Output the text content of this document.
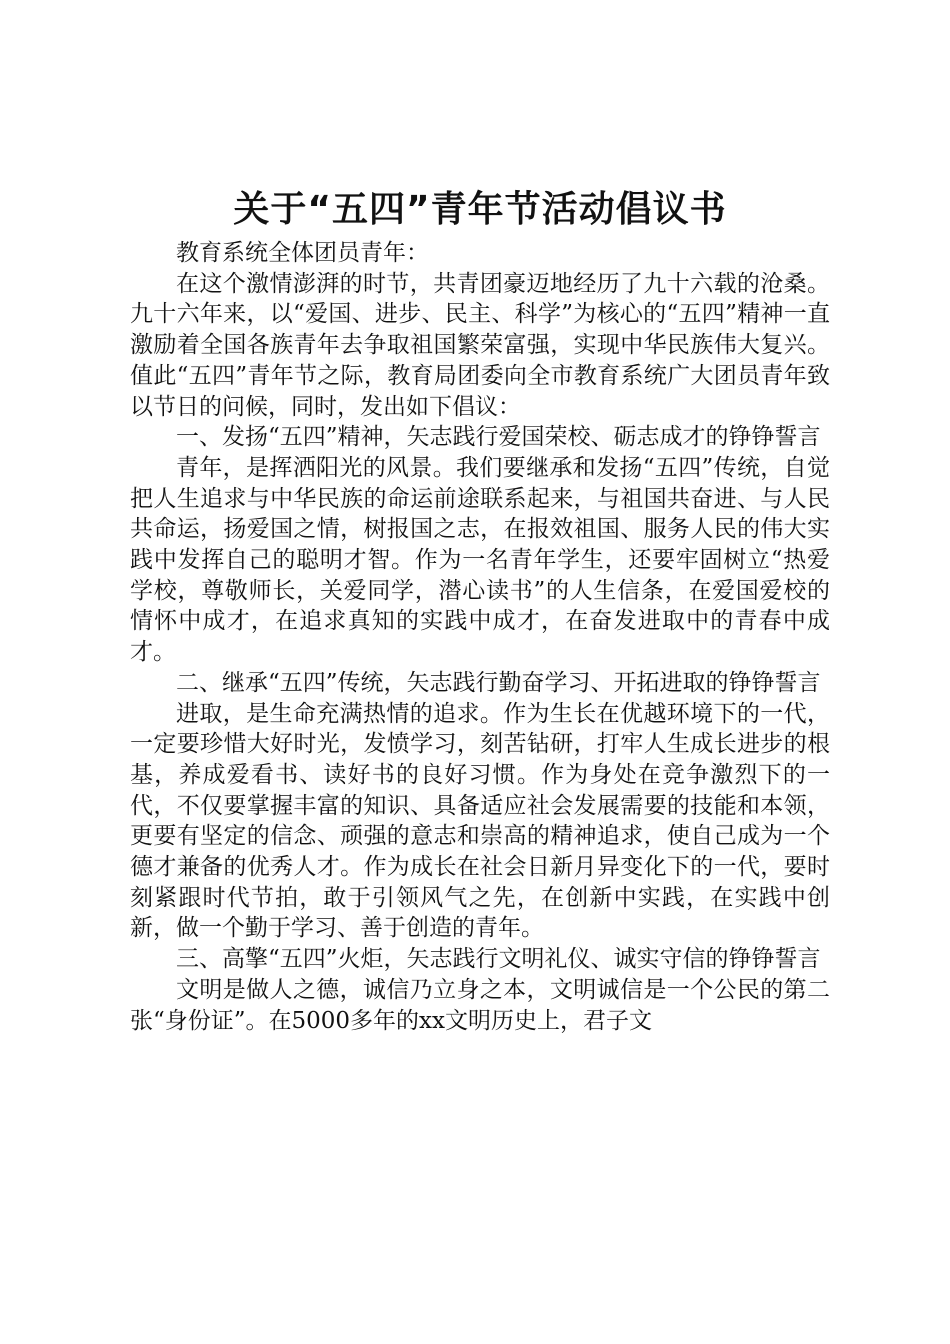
关于“五四”青年节活动倡议书

教育系统全体团员青年：

在这个激情澎湃的时节，共青团豪迈地经历了九十六载的沧桑。九十六年来，以“爱国、进步、民主、科学”为核心的“五四”精神一直激励着全国各族青年去争取祖国繁荣富强，实现中华民族伟大复兴。值此“五四”青年节之际，教育局团委向全市教育系统广大团员青年致以节日的问候，同时，发出如下倡议：

一、发扬“五四”精神，矢志践行爱国荣校、砺志成才的铮铮誓言

青年，是挥洒阳光的风景。我们要继承和发扬“五四”传统，自觉把人生追求与中华民族的命运前途联系起来，与祖国共奋进、与人民共命运，扬爱国之情，树报国之志，在报效祖国、服务人民的伟大实践中发挥自己的聪明才智。作为一名青年学生，还要牢固树立“热爱学校，尊敬师长，关爱同学，潜心读书”的人生信条，在爱国爱校的情怀中成才，在追求真知的实践中成才，在奋发进取中的青春中成才。

二、继承“五四”传统，矢志践行勤奋学习、开拓进取的铮铮誓言

进取，是生命充满热情的追求。作为生长在优越环境下的一代，一定要珍惜大好时光，发愤学习，刻苦钻研，打牢人生成长进步的根基，养成爱看书、读好书的良好习惯。作为身处在竞争激烈下的一代，不仅要掌握丰富的知识、具备适应社会发展需要的技能和本领，更要有坚定的信念、顽强的意志和崇高的精神追求，使自己成为一个德才兼备的优秀人才。作为成长在社会日新月异变化下的一代，要时刻紧跟时代节拍，敢于引领风气之先，在创新中实践，在实践中创新，做一个勤于学习、善于创造的青年。

三、高擎“五四”火炬，矢志践行文明礼仪、诚实守信的铮铮誓言

文明是做人之德，诚信乃立身之本，文明诚信是一个公民的第二张“身份证”。在5000多年的xx文明历史上，君子文
